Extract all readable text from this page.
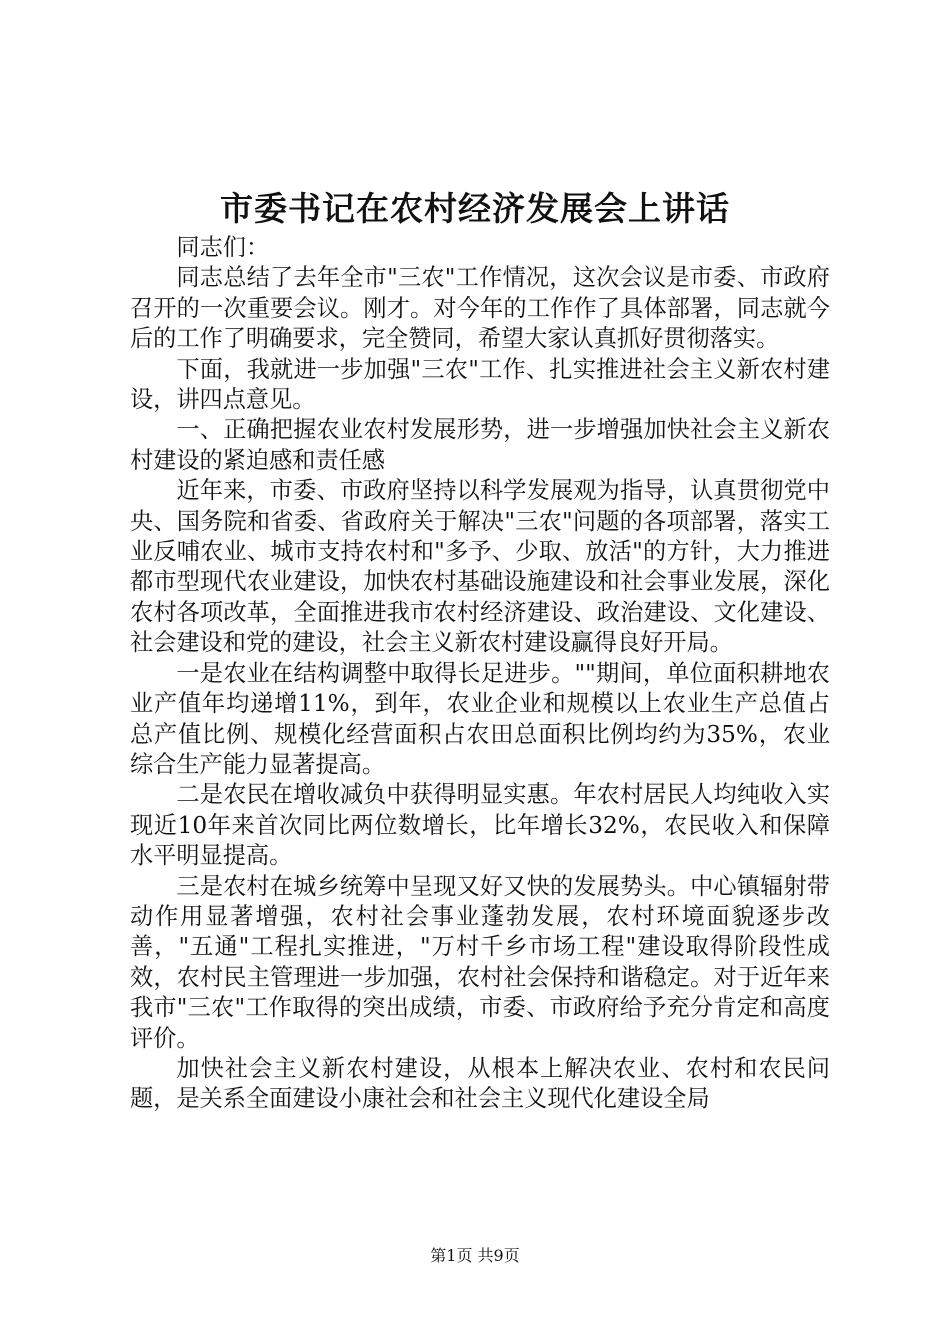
市委书记在农村经济发展会上讲话

同志们：

同志总结了去年全市"三农"工作情况，这次会议是市委、市政府召开的一次重要会议。刚才。对今年的工作作了具体部署，同志就今后的工作了明确要求，完全赞同，希望大家认真抓好贯彻落实。

下面，我就进一步加强"三农"工作、扎实推进社会主义新农村建设，讲四点意见。

一、正确把握农业农村发展形势，进一步增强加快社会主义新农村建设的紧迫感和责任感

近年来，市委、市政府坚持以科学发展观为指导，认真贯彻党中央、国务院和省委、省政府关于解决"三农"问题的各项部署，落实工业反哺农业、城市支持农村和"多予、少取、放活"的方针，大力推进都市型现代农业建设，加快农村基础设施建设和社会事业发展，深化农村各项改革，全面推进我市农村经济建设、政治建设、文化建设、社会建设和党的建设，社会主义新农村建设赢得良好开局。

一是农业在结构调整中取得长足进步。""期间，单位面积耕地农业产值年均递增11%，到年，农业企业和规模以上农业生产总值占总产值比例、规模化经营面积占农田总面积比例均约为35%，农业综合生产能力显著提高。

二是农民在增收减负中获得明显实惠。年农村居民人均纯收入实现近10年来首次同比两位数增长，比年增长32%，农民收入和保障水平明显提高。

三是农村在城乡统筹中呈现又好又快的发展势头。中心镇辐射带动作用显著增强，农村社会事业蓬勃发展，农村环境面貌逐步改善，"五通"工程扎实推进，"万村千乡市场工程"建设取得阶段性成效，农村民主管理进一步加强，农村社会保持和谐稳定。对于近年来我市"三农"工作取得的突出成绩，市委、市政府给予充分肯定和高度评价。

加快社会主义新农村建设，从根本上解决农业、农村和农民问题，是关系全面建设小康社会和社会主义现代化建设全局

第1页 共9页
